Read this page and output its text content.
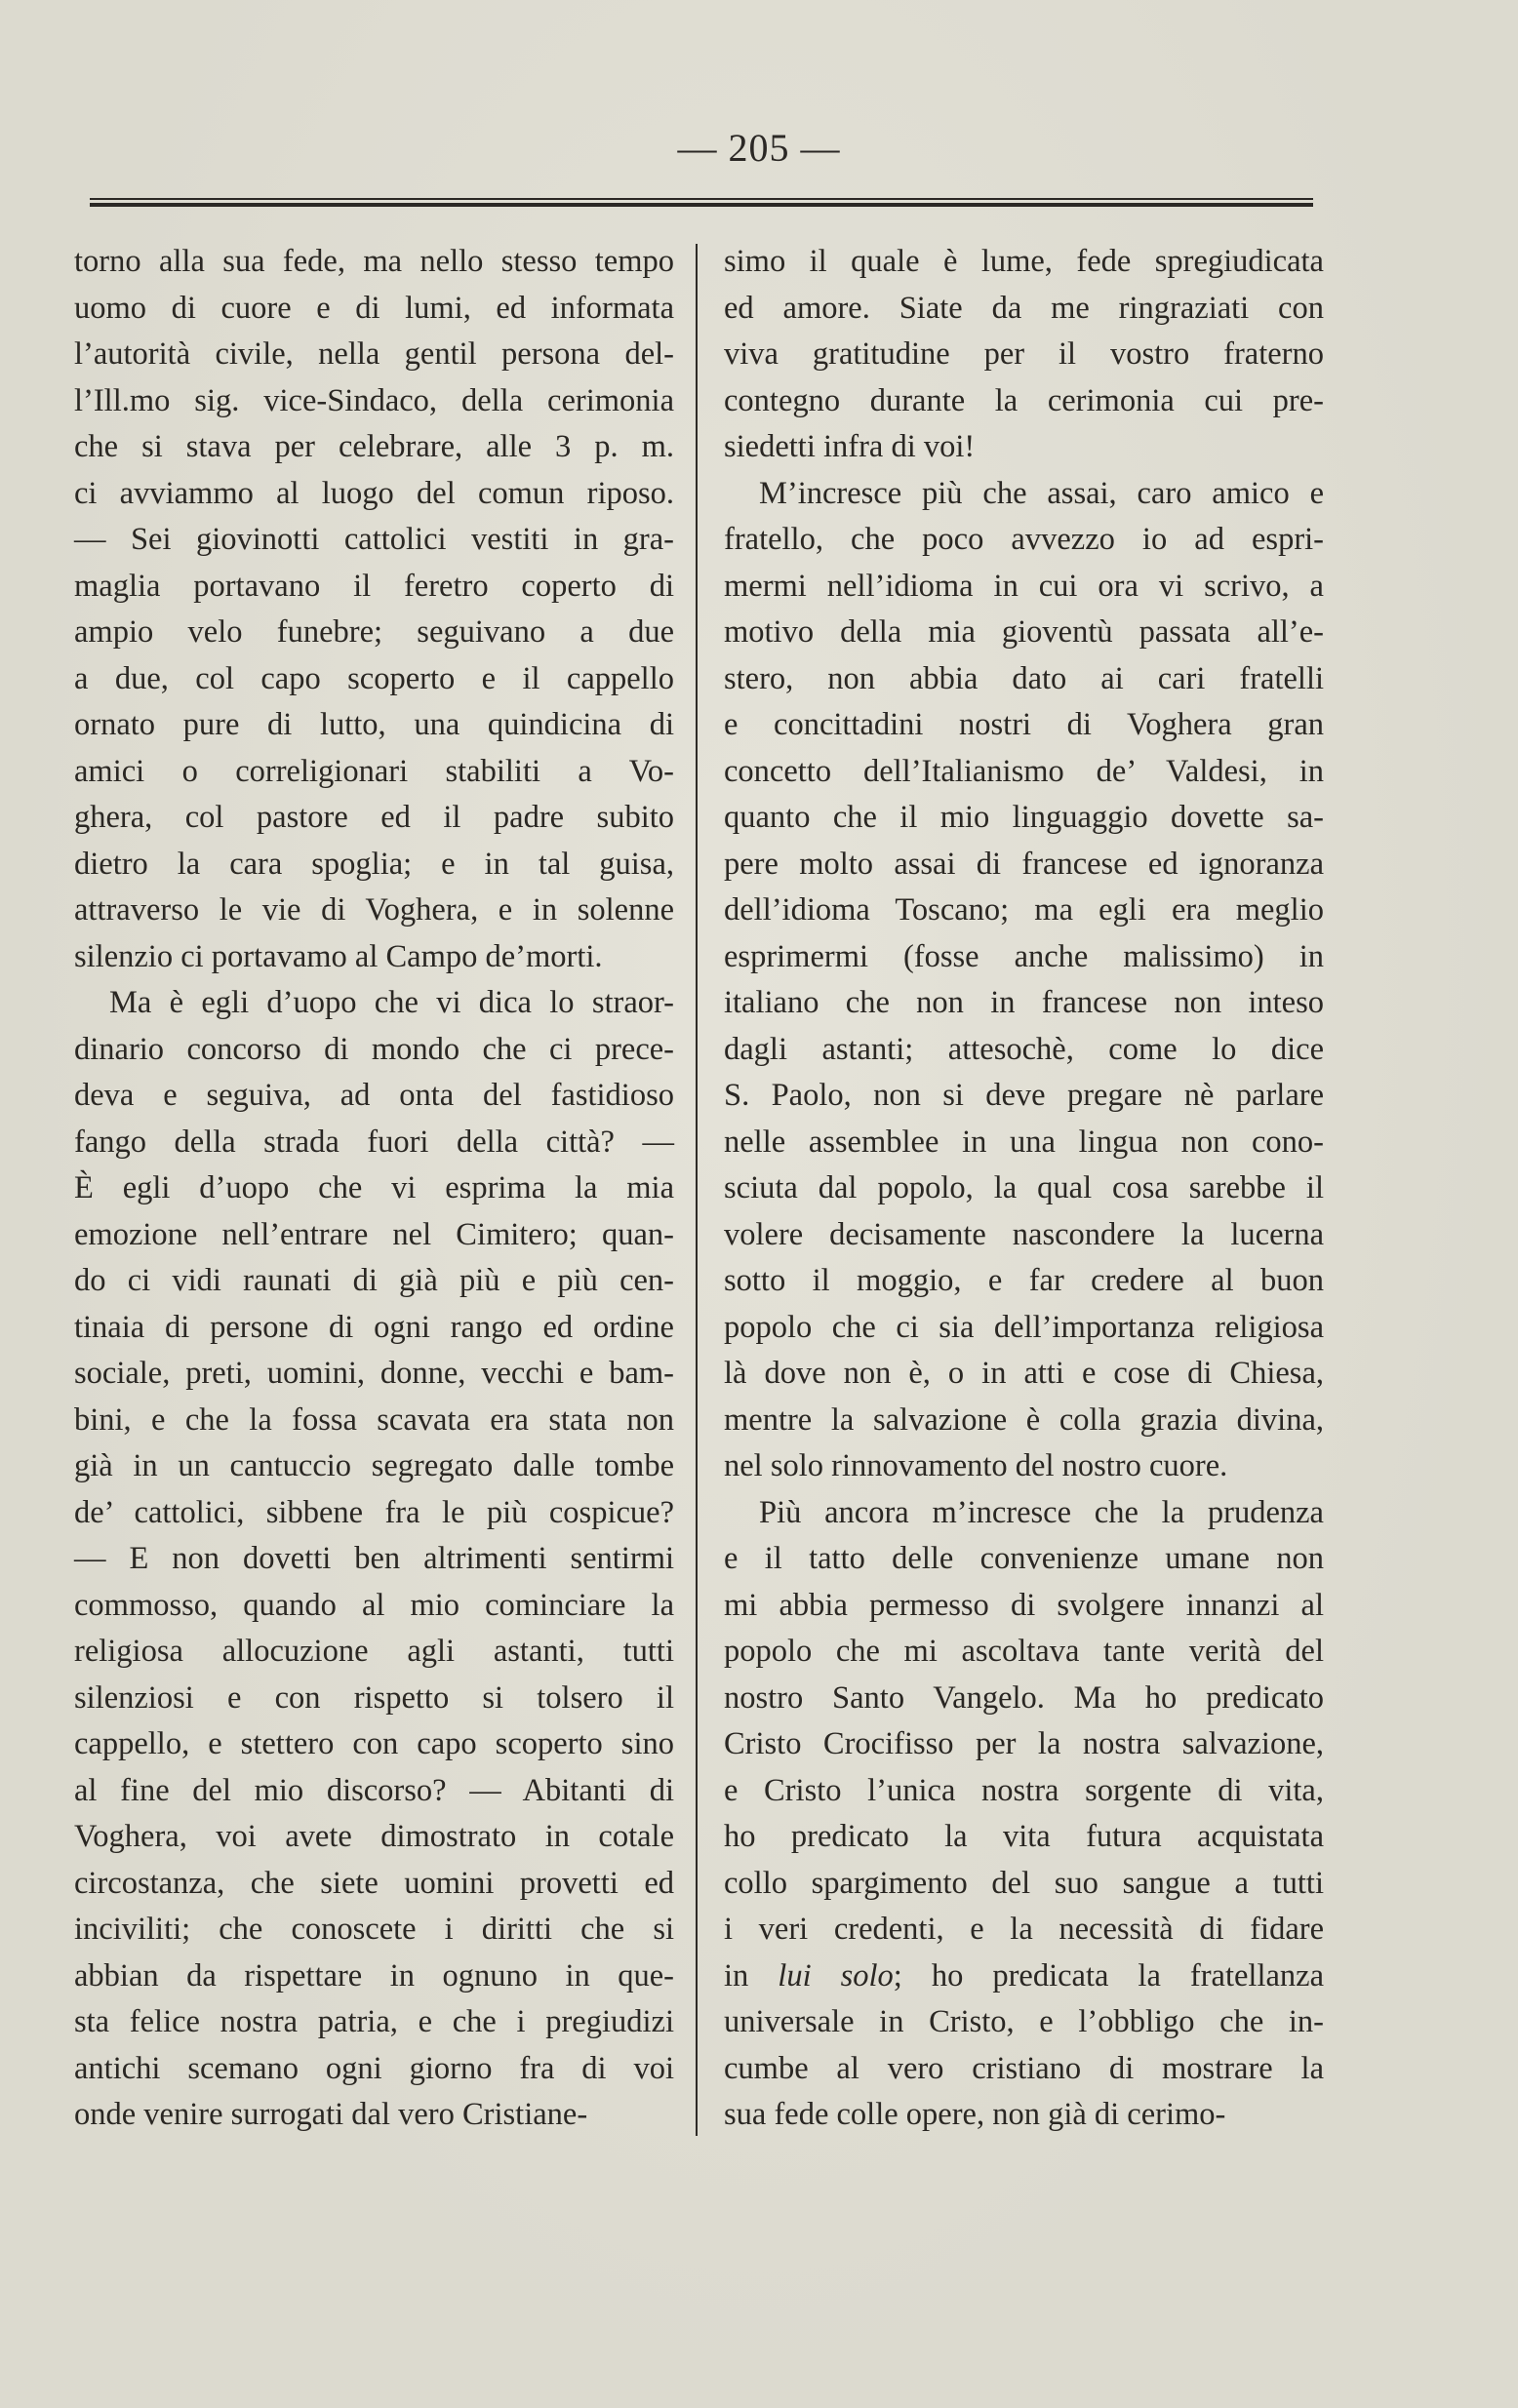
— 205 —
torno alla sua fede, ma nello stesso tempo
uomo di cuore e di lumi, ed informata
l’autorità civile, nella gentil persona del-
l’Ill.mo sig. vice-Sindaco, della cerimonia
che si stava per celebrare, alle 3 p. m.
ci avviammo al luogo del comun riposo.
— Sei giovinotti cattolici vestiti in gra-
maglia portavano il feretro coperto di
ampio velo funebre; seguivano a due
a due, col capo scoperto e il cappello
ornato pure di lutto, una quindicina di
amici o correligionari stabiliti a Vo-
ghera, col pastore ed il padre subito
dietro la cara spoglia; e in tal guisa,
attraverso le vie di Voghera, e in solenne
silenzio ci portavamo al Campo de’morti.
Ma è egli d’uopo che vi dica lo straor-
dinario concorso di mondo che ci prece-
deva e seguiva, ad onta del fastidioso
fango della strada fuori della città? —
È egli d’uopo che vi esprima la mia
emozione nell’entrare nel Cimitero; quan-
do ci vidi raunati di già più e più cen-
tinaia di persone di ogni rango ed ordine
sociale, preti, uomini, donne, vecchi e bam-
bini, e che la fossa scavata era stata non
già in un cantuccio segregato dalle tombe
de’ cattolici, sibbene fra le più cospicue?
— E non dovetti ben altrimenti sentirmi
commosso, quando al mio cominciare la
religiosa allocuzione agli astanti, tutti
silenziosi e con rispetto si tolsero il
cappello, e stettero con capo scoperto sino
al fine del mio discorso? — Abitanti di
Voghera, voi avete dimostrato in cotale
circostanza, che siete uomini provetti ed
inciviliti; che conoscete i diritti che si
abbian da rispettare in ognuno in que-
sta felice nostra patria, e che i pregiudizi
antichi scemano ogni giorno fra di voi
onde venire surrogati dal vero Cristiane-
simo il quale è lume, fede spregiudicata
ed amore. Siate da me ringraziati con
viva gratitudine per il vostro fraterno
contegno durante la cerimonia cui pre-
siedetti infra di voi!
M’incresce più che assai, caro amico e
fratello, che poco avvezzo io ad espri-
mermi nell’idioma in cui ora vi scrivo, a
motivo della mia gioventù passata all’e-
stero, non abbia dato ai cari fratelli
e concittadini nostri di Voghera gran
concetto dell’Italianismo de’ Valdesi, in
quanto che il mio linguaggio dovette sa-
pere molto assai di francese ed ignoranza
dell’idioma Toscano; ma egli era meglio
esprimermi (fosse anche malissimo) in
italiano che non in francese non inteso
dagli astanti; attesochè, come lo dice
S. Paolo, non si deve pregare nè parlare
nelle assemblee in una lingua non cono-
sciuta dal popolo, la qual cosa sarebbe il
volere decisamente nascondere la lucerna
sotto il moggio, e far credere al buon
popolo che ci sia dell’importanza religiosa
là dove non è, o in atti e cose di Chiesa,
mentre la salvazione è colla grazia divina,
nel solo rinnovamento del nostro cuore.
Più ancora m’incresce che la prudenza
e il tatto delle convenienze umane non
mi abbia permesso di svolgere innanzi al
popolo che mi ascoltava tante verità del
nostro Santo Vangelo. Ma ho predicato
Cristo Crocifisso per la nostra salvazione,
e Cristo l’unica nostra sorgente di vita,
ho predicato la vita futura acquistata
collo spargimento del suo sangue a tutti
i veri credenti, e la necessità di fidare
in lui solo; ho predicata la fratellanza
universale in Cristo, e l’obbligo che in-
cumbe al vero cristiano di mostrare la
sua fede colle opere, non già di cerimo-
